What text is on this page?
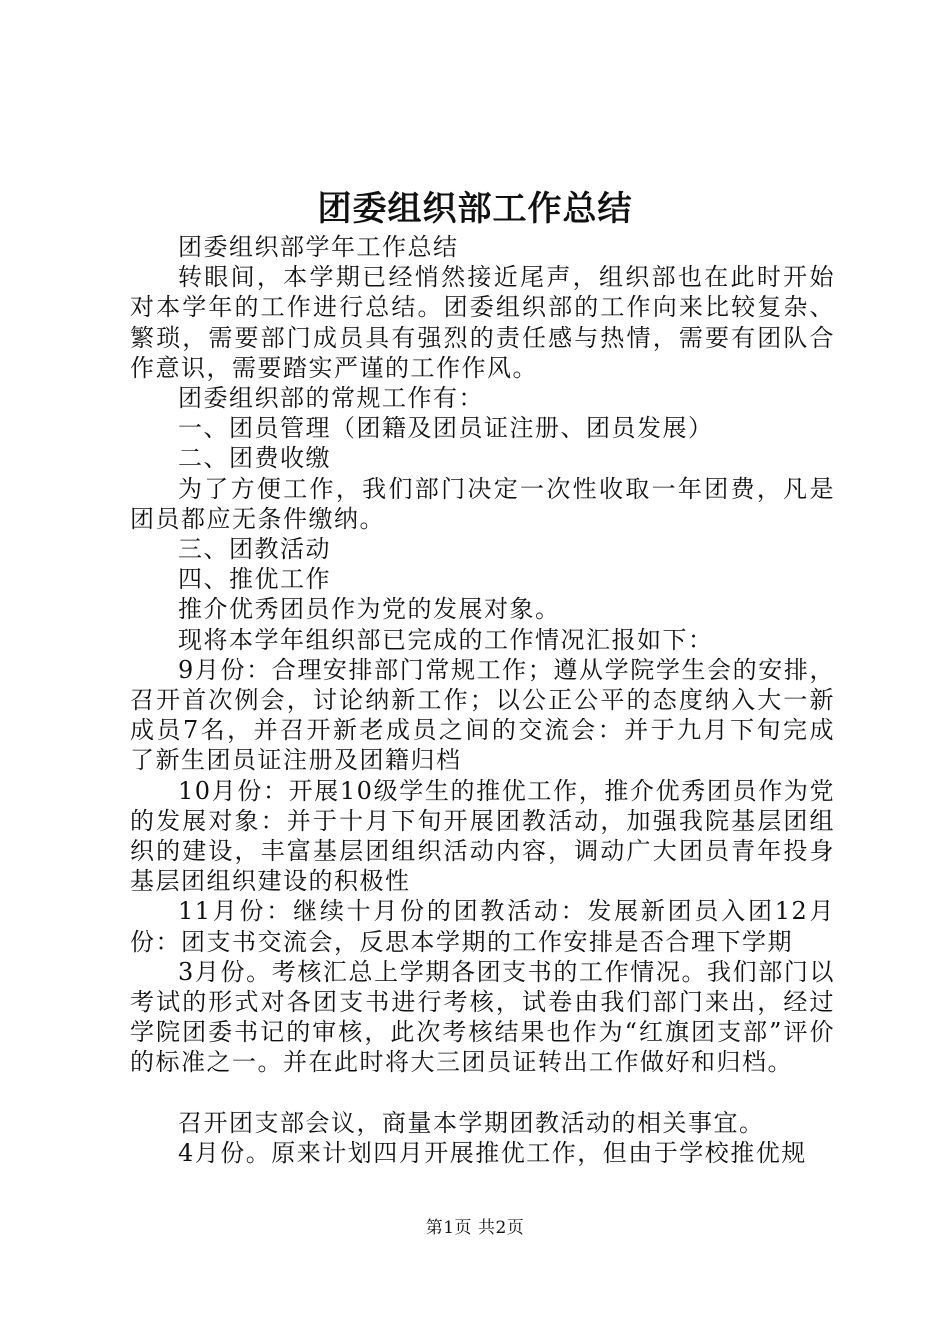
团委组织部工作总结

团委组织部学年工作总结

转眼间，本学期已经悄然接近尾声，组织部也在此时开始对本学年的工作进行总结。团委组织部的工作向来比较复杂、繁琐，需要部门成员具有强烈的责任感与热情，需要有团队合作意识，需要踏实严谨的工作作风。

团委组织部的常规工作有：

一、团员管理（团籍及团员证注册、团员发展）

二、团费收缴

为了方便工作，我们部门决定一次性收取一年团费，凡是团员都应无条件缴纳。

三、团教活动

四、推优工作

推介优秀团员作为党的发展对象。

现将本学年组织部已完成的工作情况汇报如下：

9月份：合理安排部门常规工作；遵从学院学生会的安排，召开首次例会，讨论纳新工作；以公正公平的态度纳入大一新成员7名，并召开新老成员之间的交流会：并于九月下旬完成了新生团员证注册及团籍归档

10月份：开展10级学生的推优工作，推介优秀团员作为党的发展对象：并于十月下旬开展团教活动，加强我院基层团组织的建设，丰富基层团组织活动内容，调动广大团员青年投身基层团组织建设的积极性

11月份：继续十月份的团教活动：发展新团员入团12月份：团支书交流会，反思本学期的工作安排是否合理下学期

3月份。考核汇总上学期各团支书的工作情况。我们部门以考试的形式对各团支书进行考核，试卷由我们部门来出，经过学院团委书记的审核，此次考核结果也作为“红旗团支部”评价的标准之一。并在此时将大三团员证转出工作做好和归档。

召开团支部会议，商量本学期团教活动的相关事宜。

4月份。原来计划四月开展推优工作，但由于学校推优规

第1页 共2页
